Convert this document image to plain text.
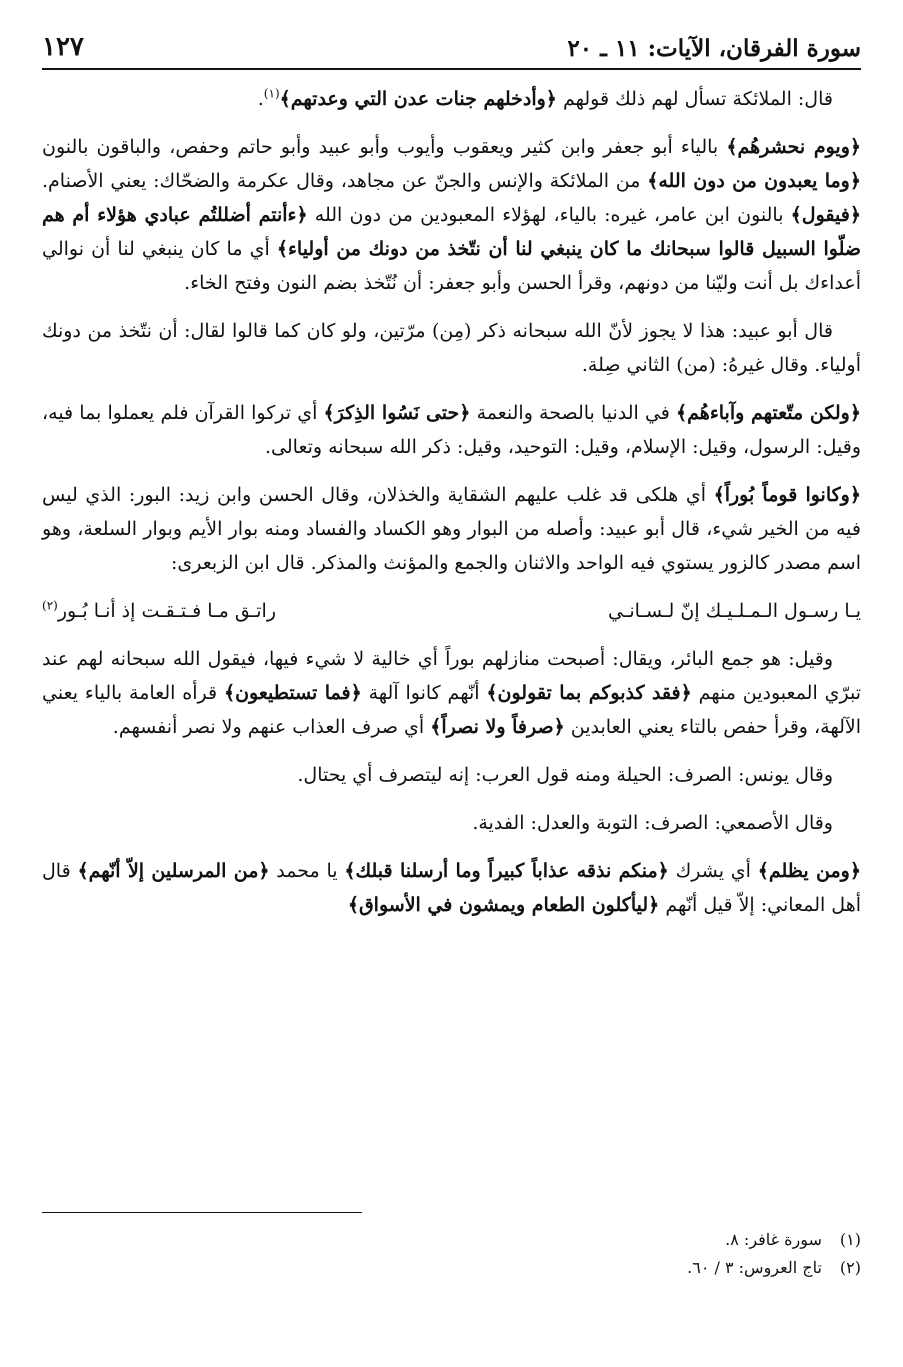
سورة الفرقان، الآيات: ١١ ـ ٢٠
١٢٧

قال: الملائكة تسأل لهم ذلك قولهم ﴿وأدخلهم جنات عدن التي وعدتهم﴾$^{(١)}$.

﴿ويوم نحشرهُم﴾ بالياء أبو جعفر وابن كثير ويعقوب وأيوب وأبو عبيد وأبو حاتم وحفص، والباقون بالنون ﴿وما يعبدون من دون الله﴾ من الملائكة والإنس والجنّ عن مجاهد، وقال عكرمة والضحّاك: يعني الأصنام. ﴿فيقول﴾ بالنون ابن عامر، غيره: بالياء، لهؤلاء المعبودين من دون الله ﴿ءأنتم أضللتُم عبادي هؤلاء أم هم ضلّوا السبيل قالوا سبحانك ما كان ينبغي لنا أن نتّخذ من دونك من أولياء﴾ أي ما كان ينبغي لنا أن نوالي أعداءك بل أنت وليّنا من دونهم، وقرأ الحسن وأبو جعفر: أن نُتّخذ بضم النون وفتح الخاء.

قال أبو عبيد: هذا لا يجوز لأنّ الله سبحانه ذكر (مِن) مرّتين، ولو كان كما قالوا لقال: أن نتّخذ من دونك أولياء. وقال غيرهُ: (من) الثاني صِلة.

﴿ولكن متّعتهم وآباءهُم﴾ في الدنيا بالصحة والنعمة ﴿حتى نَسُوا الذِكرَ﴾ أي تركوا القرآن فلم يعملوا بما فيه، وقيل: الرسول، وقيل: الإسلام، وقيل: التوحيد، وقيل: ذكر الله سبحانه وتعالى.

﴿وكانوا قوماً بُوراً﴾ أي هلكى قد غلب عليهم الشقاية والخذلان، وقال الحسن وابن زيد: البور: الذي ليس فيه من الخير شيء، قال أبو عبيد: وأصله من البوار وهو الكساد والفساد ومنه بوار الأيم وبوار السلعة، وهو اسم مصدر كالزور يستوي فيه الواحد والاثنان والجمع والمؤنث والمذكر. قال ابن الزبعرى:

يـا رسـول الـمـلـيـك إنّ لـسـانـي
راتـق مـا فـتـقـت إذ أنـا بُـور$^{(٢)}$

وقيل: هو جمع البائر، ويقال: أصبحت منازلهم بوراً أي خالية لا شيء فيها، فيقول الله سبحانه لهم عند تبرّي المعبودين منهم ﴿فقد كذبوكم بما تقولون﴾ أنّهم كانوا آلهة ﴿فما تستطيعون﴾ قرأه العامة بالياء يعني الآلهة، وقرأ حفص بالتاء يعني العابدين ﴿صرفاً ولا نصراً﴾ أي صرف العذاب عنهم ولا نصر أنفسهم.

وقال يونس: الصرف: الحيلة ومنه قول العرب: إنه ليتصرف أي يحتال.

وقال الأصمعي: الصرف: التوبة والعدل: الفدية.

﴿ومن يظلم﴾ أي يشرك ﴿منكم نذقه عذاباً كبيراً وما أرسلنا قبلك﴾ يا محمد ﴿من المرسلين إلاّ أنّهم﴾ قال أهل المعاني: إلاّ قيل أنّهم ﴿ليأكلون الطعام ويمشون في الأسواق﴾

(١)
سورة غافر: ٨.
(٢)
تاج العروس: ٣ / ٦٠.
